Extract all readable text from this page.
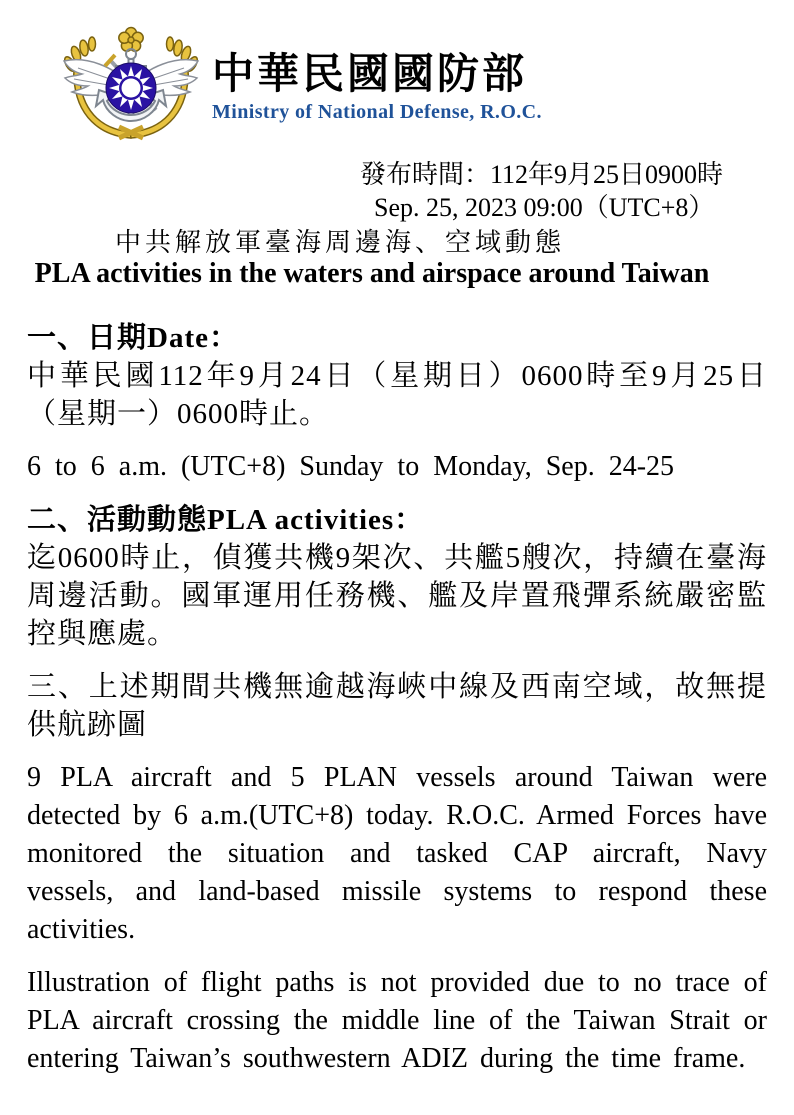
中華民國國防部
Ministry of National Defense, R.O.C.
發布時間：112年9月25日0900時
Sep. 25, 2023 09:00（UTC+8）
中共解放軍臺海周邊海、空域動態
PLA activities in the waters and airspace around Taiwan
一、日期Date：
中華民國112年9月24日（星期日）0600時至9月25日（星期一）0600時止。
6 to 6 a.m. (UTC+8) Sunday to Monday, Sep. 24-25
二、活動動態PLA activities：
迄0600時止，偵獲共機9架次、共艦5艘次，持續在臺海周邊活動。國軍運用任務機、艦及岸置飛彈系統嚴密監控與應處。
三、上述期間共機無逾越海峽中線及西南空域，故無提供航跡圖
9 PLA aircraft and 5 PLAN vessels around Taiwan were detected by 6 a.m.(UTC+8) today. R.O.C. Armed Forces have monitored the situation and tasked CAP aircraft, Navy vessels, and land-based missile systems to respond these activities.
Illustration of flight paths is not provided due to no trace of PLA aircraft crossing the middle line of the Taiwan Strait or entering Taiwan’s southwestern ADIZ during the time frame.
